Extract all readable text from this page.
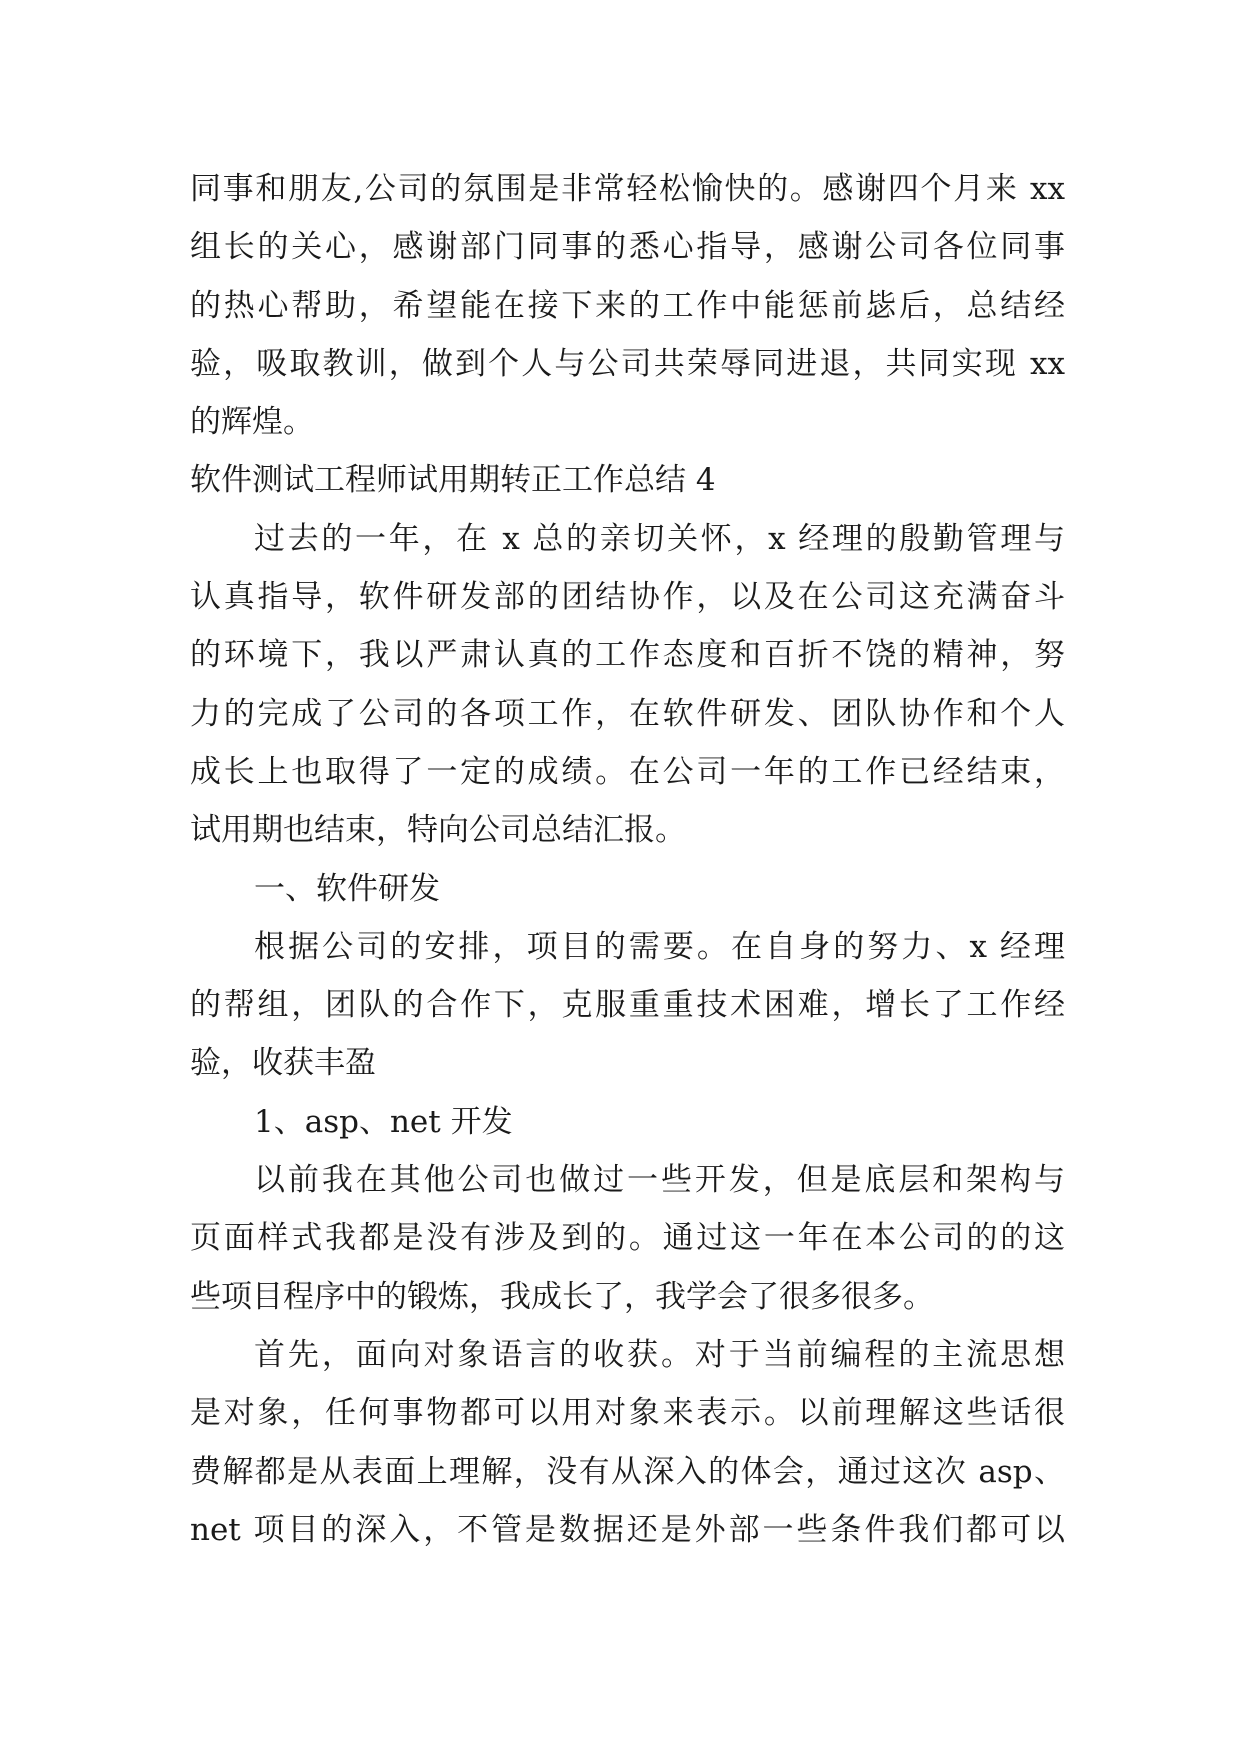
同事和朋友,公司的氛围是非常轻松愉快的。感谢四个月来 xx
组长的关心，感谢部门同事的悉心指导，感谢公司各位同事
的热心帮助，希望能在接下来的工作中能惩前毖后，总结经
验，吸取教训，做到个人与公司共荣辱同进退，共同实现 xx
的辉煌。
软件测试工程师试用期转正工作总结 4
过去的一年，在 x 总的亲切关怀，x 经理的殷勤管理与
认真指导，软件研发部的团结协作，以及在公司这充满奋斗
的环境下，我以严肃认真的工作态度和百折不饶的精神，努
力的完成了公司的各项工作，在软件研发、团队协作和个人
成长上也取得了一定的成绩。在公司一年的工作已经结束，
试用期也结束，特向公司总结汇报。
一、软件研发
根据公司的安排，项目的需要。在自身的努力、x 经理
的帮组，团队的合作下，克服重重技术困难，增长了工作经
验，收获丰盈
1、asp、net 开发
以前我在其他公司也做过一些开发，但是底层和架构与
页面样式我都是没有涉及到的。通过这一年在本公司的的这
些项目程序中的锻炼，我成长了，我学会了很多很多。
首先，面向对象语言的收获。对于当前编程的主流思想
是对象，任何事物都可以用对象来表示。以前理解这些话很
费解都是从表面上理解，没有从深入的体会，通过这次 asp、
net 项目的深入，不管是数据还是外部一些条件我们都可以
